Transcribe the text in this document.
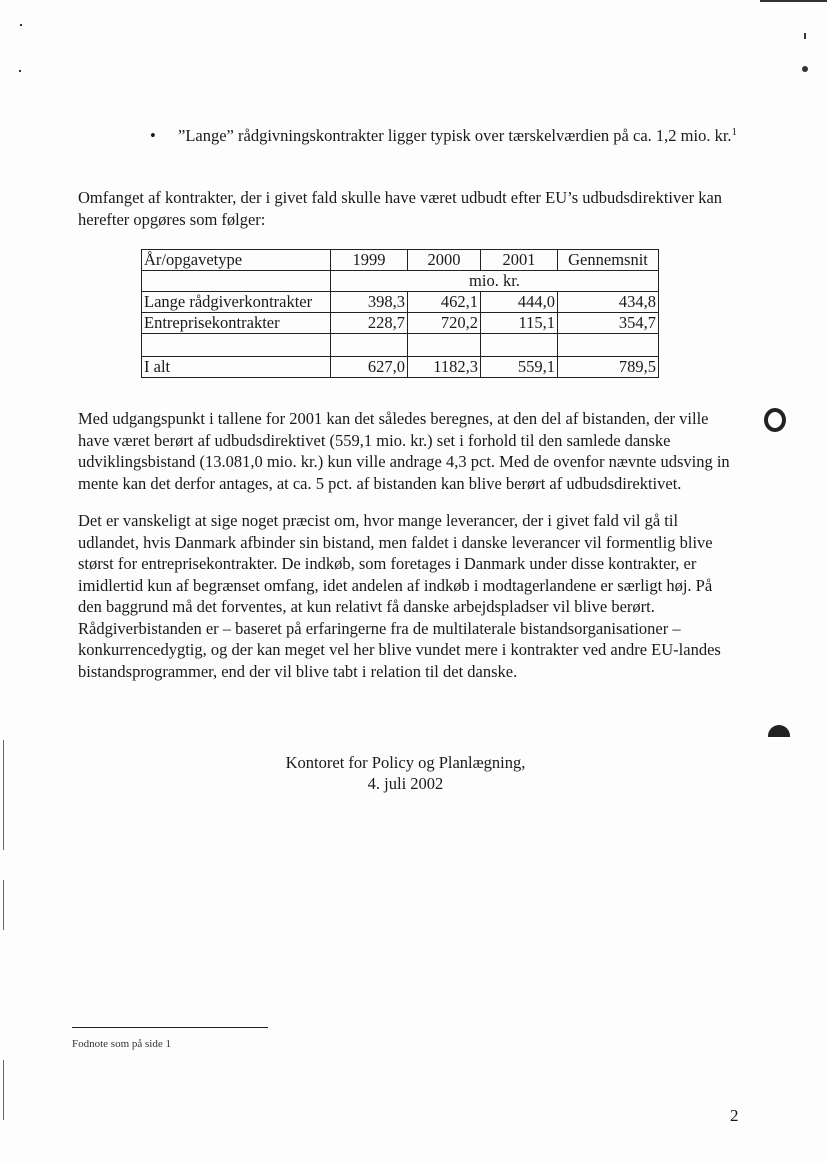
• ”Lange” rådgivningskontrakter ligger typisk over tærskelværdien på ca. 1,2 mio. kr.$^1$
Omfanget af kontrakter, der i givet fald skulle have været udbudt efter EU’s udbudsdirektiver kan herefter opgøres som følger:
År/opgavetype	1999	2000	2001	Gennemsnit
	mio. kr.			
Lange rådgiverkontrakter	398,3	462,1	444,0	434,8
Entreprisekontrakter	228,7	720,2	115,1	354,7

I alt	627,0	1182,3	559,1	789,5
Med udgangspunkt i tallene for 2001 kan det således beregnes, at den del af bistanden, der ville have været berørt af udbudsdirektivet (559,1 mio. kr.) set i forhold til den samlede danske udviklingsbistand (13.081,0 mio. kr.) kun ville andrage 4,3 pct. Med de ovenfor nævnte udsving in mente kan det derfor antages, at ca. 5 pct. af bistanden kan blive berørt af udbudsdirektivet.
Det er vanskeligt at sige noget præcist om, hvor mange leverancer, der i givet fald vil gå til udlandet, hvis Danmark afbinder sin bistand, men faldet i danske leverancer vil formentlig blive størst for entreprisekontrakter. De indkøb, som foretages i Danmark under disse kontrakter, er imidlertid kun af begrænset omfang, idet andelen af indkøb i modtagerlandene er særligt høj. På den baggrund må det forventes, at kun relativt få danske arbejdspladser vil blive berørt. Rådgiverbistanden er – baseret på erfaringerne fra de multilaterale bistandsorganisationer – konkurrencedygtig, og der kan meget vel her blive vundet mere i kontrakter ved andre EU-landes bistandsprogrammer, end der vil blive tabt i relation til det danske.
Kontoret for Policy og Planlægning,
4. juli 2002
Fodnote som på side 1
2
